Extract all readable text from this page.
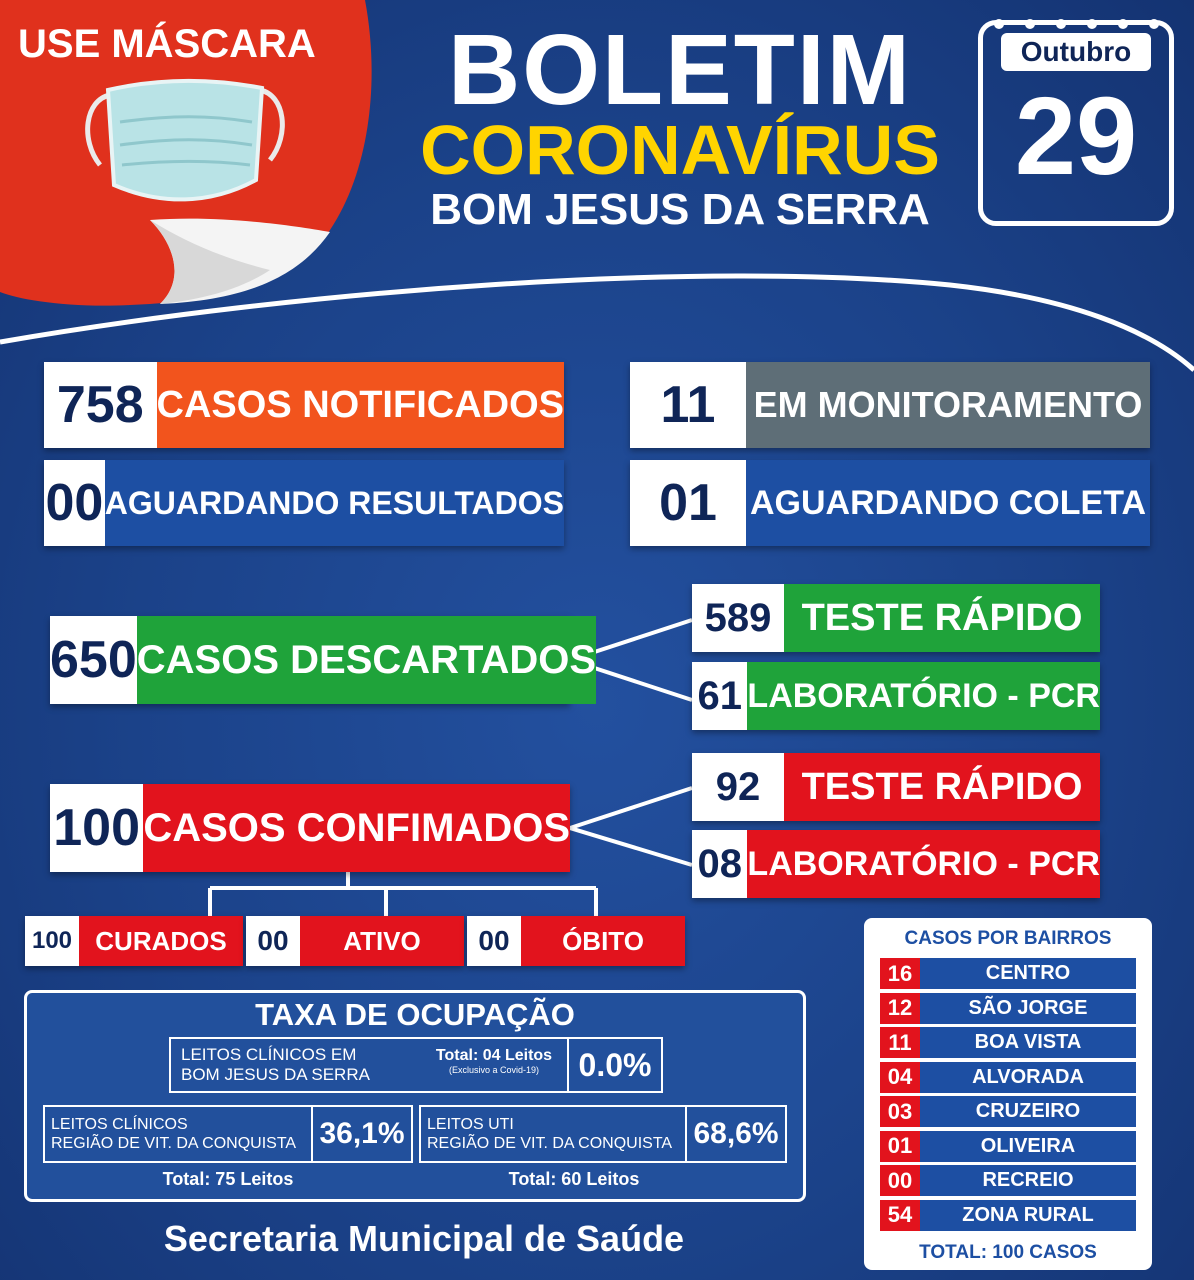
USE MÁSCARA	BOLETIM
CORONAVÍRUS
BOM JESUS DA SERRA
Outubro
29
758 CASOS NOTIFICADOS
00 AGUARDANDO RESULTADOS
11	EM MONITORAMENTO
01 AGUARDANDO COLETA
650 CASOS DESCARTADOS
589 TESTE RÁPIDO
61 LABORATÓRIO - PCR
100 CASOS CONFIMADOS
92	TESTE RÁPIDO
08 LABORATÓRIO - PCR
100 CURADOS	00	ATIVO	00	ÓBITO
TAXA DE OCUPAÇÃO
LEITOS CLÍNICOS EM
BOM JESUS DA SERRA
Total: 04 Leitos
(Exclusivo a Covid-19)	0.0%
LEITOS CLÍNICOS
REGIÃO DE VIT. DA CONQUISTA 36,1%
Total: 75 Leitos
LEITOS UTI
REGIÃO DE VIT. DA CONQUISTA 68,6%
Total: 60 Leitos
Secretaria Municipal de Saúde
CASOS POR BAIRROS
16	CENTRO
12	SÃO JORGE
11	BOA VISTA
04	ALVORADA
03	CRUZEIRO
01	OLIVEIRA
00	RECREIO
54	ZONA RURAL
TOTAL: 100 CASOS
